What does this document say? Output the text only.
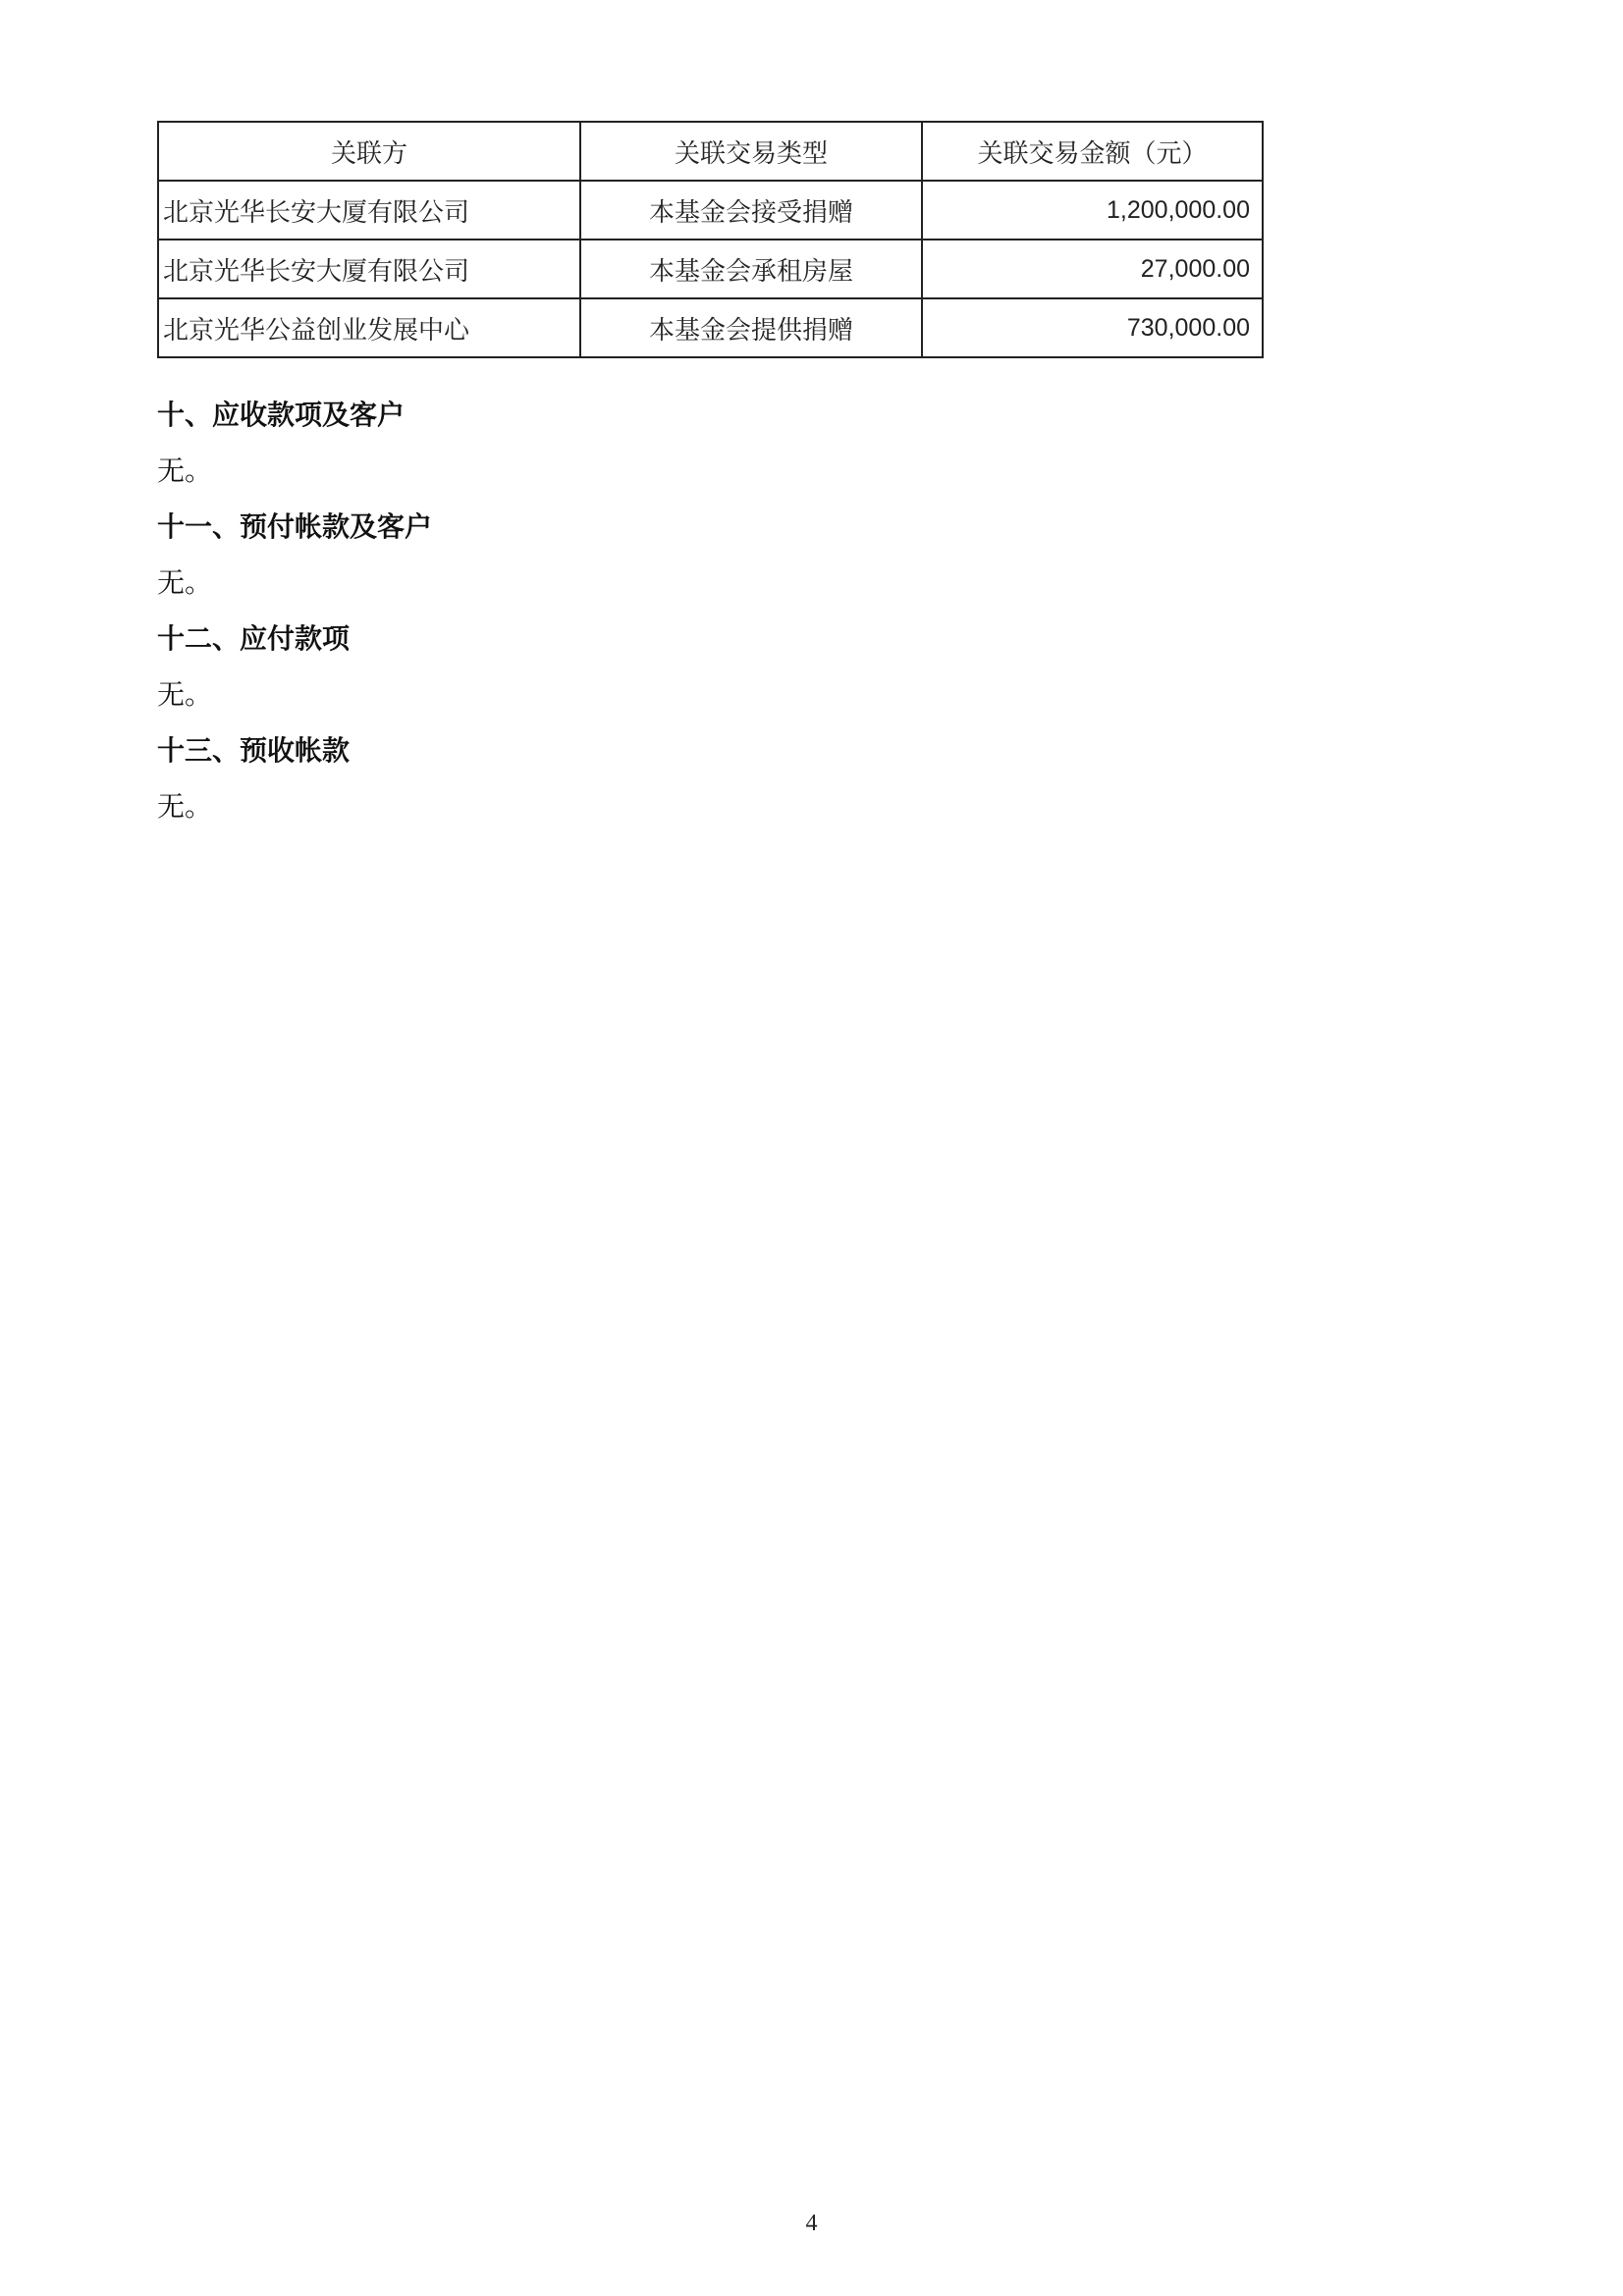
关联方	关联交易类型	关联交易金额（元）
北京光华长安大厦有限公司	本基金会接受捐赠	1,200,000.00
北京光华长安大厦有限公司	本基金会承租房屋	27,000.00
北京光华公益创业发展中心	本基金会提供捐赠	730,000.00
十、应收款项及客户
无。
十一、预付帐款及客户
无。
十二、应付款项
无。
十三、预收帐款
无。
4
